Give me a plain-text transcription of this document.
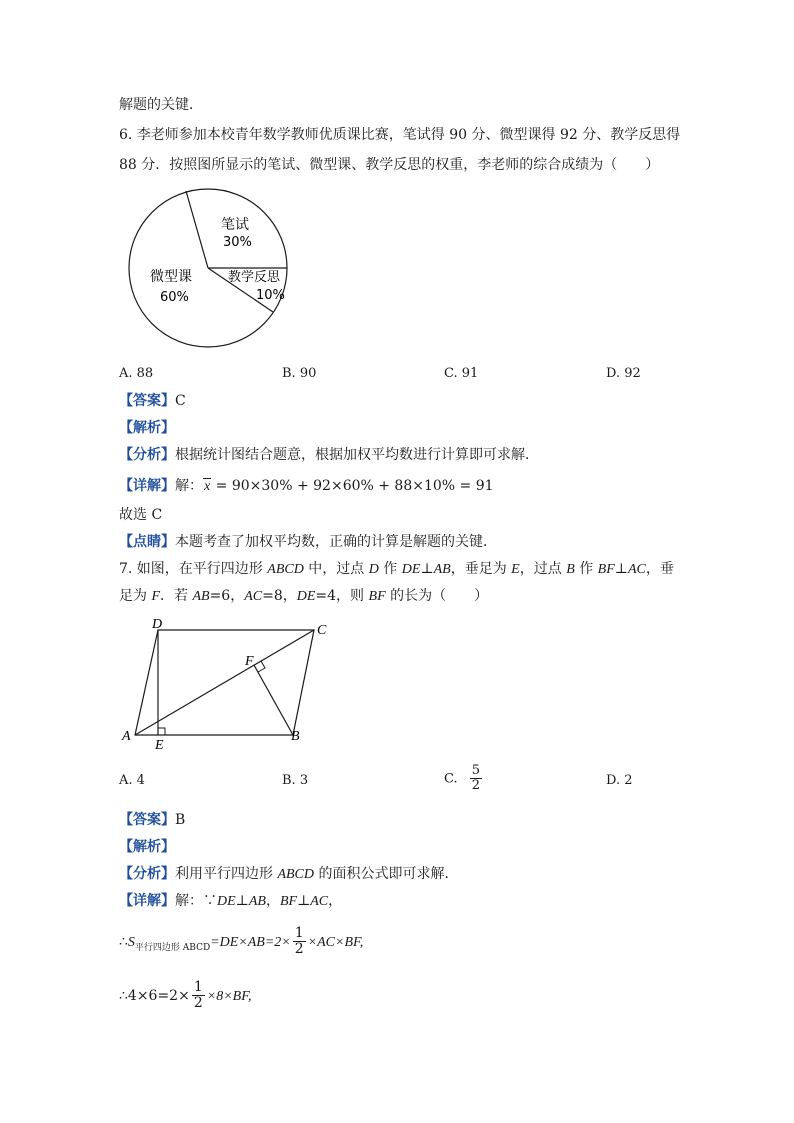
解题的关键．
6. 李老师参加本校青年数学教师优质课比赛，笔试得 90 分、微型课得 92 分、教学反思得
88 分．按照图所显示的笔试、微型课、教学反思的权重，李老师的综合成绩为（　　）
笔试
30%
教学反思
10%
微型课
60%
A. 88	B. 90	C. 91	D. 92
【答案】C
【解析】
【分析】根据统计图结合题意，根据加权平均数进行计算即可求解．
【详解】解：x = 90×30% + 92×60% + 88×10% = 91
故选 C
【点睛】本题考查了加权平均数，正确的计算是解题的关键．
7. 如图，在平行四边形 ABCD 中，过点 D 作 DE⊥AB，垂足为 E，过点 B 作 BF⊥AC，垂
足为 F．若 AB=6，AC=8，DE=4，则 BF 的长为（　　）
A	B
C
D
E
F
A. 4	B. 3	C. $\frac{5}{2}$	D. 2
【答案】B
【解析】
【分析】利用平行四边形 ABCD 的面积公式即可求解．
【详解】解：∵DE⊥AB，BF⊥AC，
$\therefore S_{平行四边形 ABCD}=DE\times AB=2\times \frac{1}{2} \times AC\times BF$,
∴4×6=2× $\frac{1}{2} \times 8\times BF$,
